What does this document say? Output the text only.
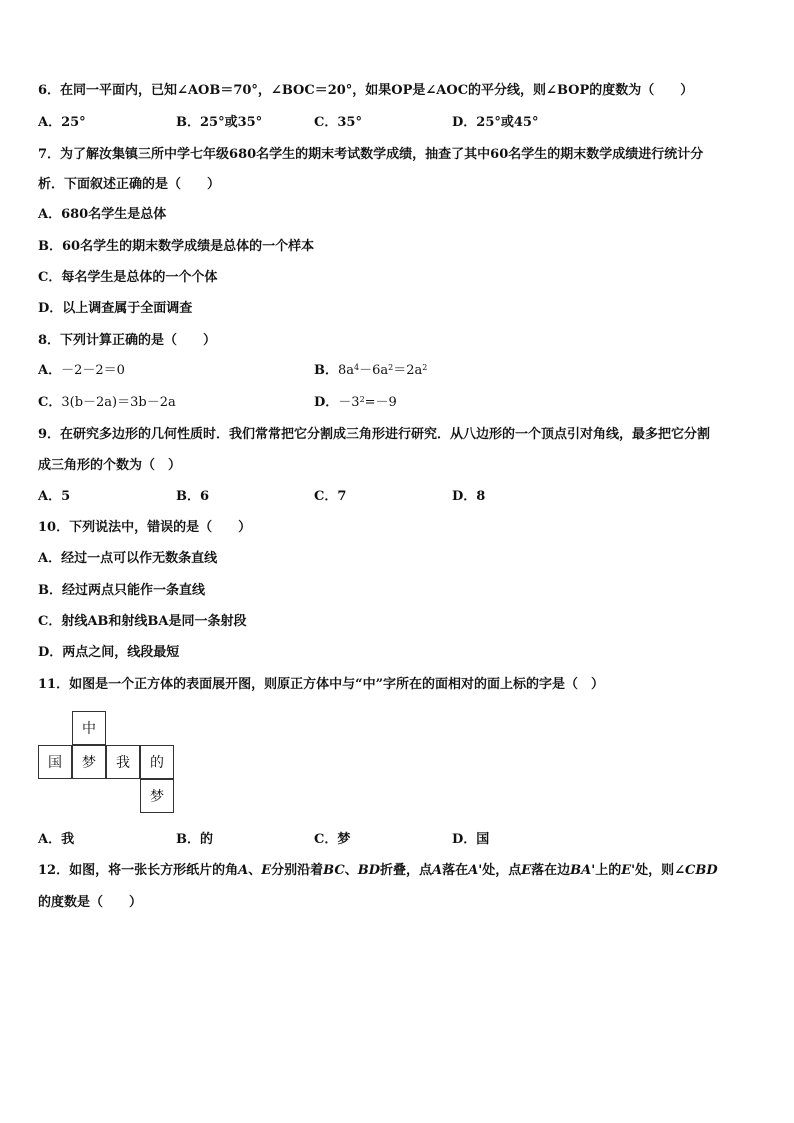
6．在同一平面内，已知∠AOB＝70°，∠BOC＝20°，如果OP是∠AOC的平分线，则∠BOP的度数为（　　）
A．25°	B．25°或35°	C．35°	D．25°或45°
7．为了解汝集镇三所中学七年级680名学生的期末考试数学成绩，抽查了其中60名学生的期末数学成绩进行统计分
析．下面叙述正确的是（　　）
A．680名学生是总体
B．60名学生的期末数学成绩是总体的一个样本
C．每名学生是总体的一个个体
D．以上调查属于全面调查
8．下列计算正确的是（　　）
A．－2－2＝0	B．$8a^4-6a^2=2a^2$
C．3(b－2a)＝3b－2a	D．$-3^2=-9$
9．在研究多边形的几何性质时．我们常常把它分割成三角形进行研究．从八边形的一个顶点引对角线，最多把它分割
成三角形的个数为（　）
A．5	B．6	C．7	D．8
10．下列说法中，错误的是（　　）
A．经过一点可以作无数条直线
B．经过两点只能作一条直线
C．射线AB和射线BA是同一条射段
D．两点之间，线段最短
11．如图是一个正方体的表面展开图，则原正方体中与“中”字所在的面相对的面上标的字是（　）
中
国	梦	我	的
梦
A．我	B．的	C．梦	D．国
12．如图，将一张长方形纸片的角A、E分别沿着BC、BD折叠，点A落在A'处，点E落在边BA'上的E'处，则∠CBD
的度数是（　　）
